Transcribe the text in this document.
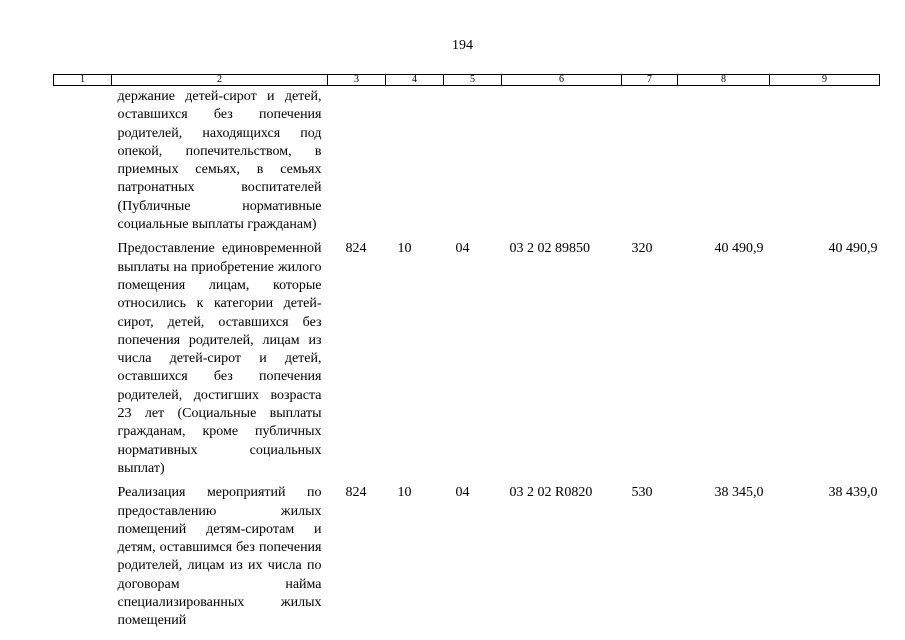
194
1	2	3	4	5	6	7	8	9
	держание детей-сирот и детей, оставшихся без попечения родителей, находящихся под опекой, попечительством, в приемных семьях, в семьях патронатных воспитателей (Публичные нормативные социальные выплаты гражданам)							
	Предоставление единовременной выплаты на приобретение жилого помещения лицам, которые относились к категории детей-сирот, детей, оставшихся без попечения родителей, лицам из числа детей-сирот и детей, оставшихся без попечения родителей, достигших возраста 23 лет (Социальные выплаты гражданам, кроме публичных нормативных социальных выплат)	824	10	04	03 2 02 89850	320	40 490,9	40 490,9
	Реализация мероприятий по предоставлению жилых помещений детям-сиротам и детям, оставшимся без попечения родителей, лицам из их числа по договорам найма специализированных жилых помещений	824	10	04	03 2 02 R0820	530	38 345,0	38 439,0
